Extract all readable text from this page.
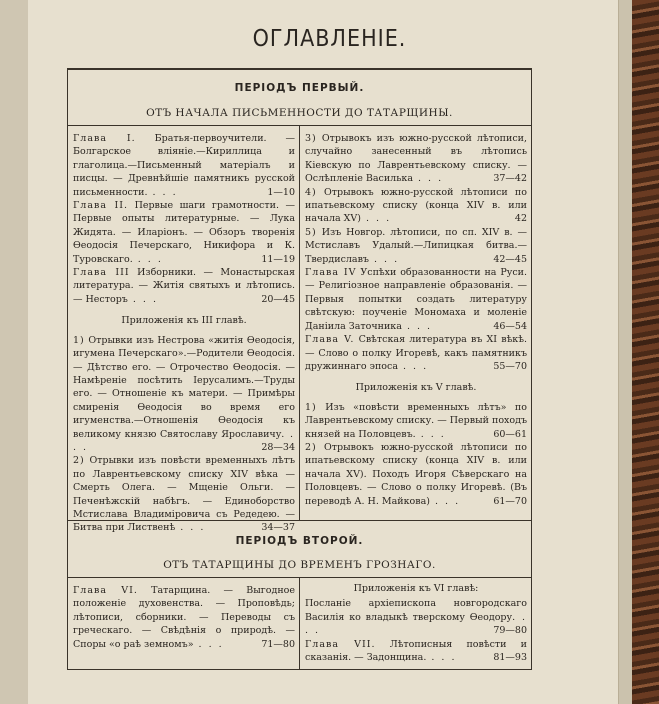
ОГЛАВЛЕНІЕ.
ПЕРІОДЪ ПЕРВЫЙ.
ОТЪ НАЧАЛА ПИСЬМЕННОСТИ ДО ТАТАРЩИНЫ.

Глава I. Братья-первоучители. — Болгарское вліяніе.—Кириллица и глаголица.—Письменный матеріалъ и писцы. — Древнѣйшіе памятникъ русской письменности. . . .	1—10

Глава II. Первые шаги грамотности. — Первые опыты литературные. — Лука Жидята. — Иларіонъ. — Обзоръ творенія Ѳеодосія Печерскаго, Никифора и К. Туровскаго. . . .	11—19

Глава III Изборники. — Монастырская литература. — Житія святыхъ и лѣтопись. — Несторъ . . .	20—45

Приложенія къ III главѣ.

1) Отрывки изъ Нестрова «житія Ѳеодосія, игумена Печерскаго».—Родители Ѳеодосія.— Дѣтство его. — Отрочество Ѳеодосія. — Намѣреніе посѣтить Іерусалимъ.—Труды его. — Отношеніе къ матери. — Примѣры смиренія Ѳеодосія во время его игуменства.—Отношенія Ѳеодосія къ великому князю Святославу Ярославичу. . . .	28—34

2) Отрывки изъ повѣсти временныхъ лѣтъ по Лаврентьевскому списку XIV вѣка — Смерть Олега. — Мщеніе Ольги. — Печенѣжскій набѣгъ. — Единоборство Мстислава Владиміровича съ Редедею. — Битва при Лиственѣ . . .	34—37

3) Отрывокъ изъ южно-русской лѣтописи, случайно занесенный въ лѣтопись Кіевскую по Лаврентьевскому списку. — Ослѣпленіе Василька . . .	37—42

4) Отрывокъ южно-русской лѣтописи по ипатьевскому списку (конца XIV в. или начала XV) . . .	42

5) Изъ Новгор. лѣтописи, по сп. XIV в. — Мстиславъ Удалый.—Липицкая битва.—Твердиславъ . . .	42—45

Глава IV Успѣхи образованности на Руси.— Религіозное направленіе образованія. — Первыя попытки создать литературу свѣтскую: поученіе Мономаха и моленіе Даніила Заточника . . .	46—54

Глава V. Свѣтская литература въ XI вѣкѣ.— Слово о полку Игоревѣ, какъ памятникъ дружиннаго эпоса . . .	55—70

Приложенія къ V главѣ.

1) Изъ «повѣсти временныхъ лѣтъ» по Лаврентьевскому списку. — Первый походъ князей на Половцевъ. . . .	60—61

2) Отрывокъ южно-русской лѣтописи по ипатьевскому списку (конца XIV в. или начала XV). Походъ Игоря Сѣверскаго на Половцевъ. — Слово о полку Игоревѣ. (Въ переводѣ А. Н. Майкова) . . .	61—70

ПЕРІОДЪ ВТОРОЙ.
ОТЪ ТАТАРЩИНЫ ДО ВРЕМЕНЪ ГРОЗНАГО.

Глава VI. Татарщина. — Выгодное положеніе духовенства. — Проповѣдь; лѣтописи, сборники. — Переводы съ греческаго. — Свѣдѣнія о природѣ. — Споры «о раѣ земномъ» . . .	71—80

Приложенія къ VI главѣ:

Посланіе архіепископа новгородскаго Василія ко владыкѣ тверскому Ѳеодору. . . .	79—80

Глава VII. Лѣтописныя повѣсти и сказанія. — Задонщина. . . .	81—93
